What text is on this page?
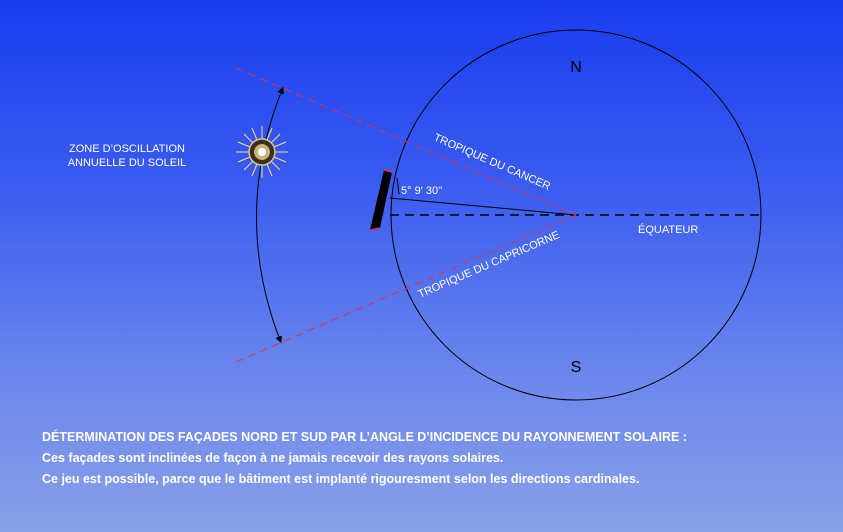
N
S
ÉQUATEUR
5° 9' 30''
TROPIQUE DU CANCER
TROPIQUE DU CAPRICORNE
ZONE D’OSCILLATION
ANNUELLE DU SOLEIL
DÉTERMINATION DES FAÇADES NORD ET SUD PAR L’ANGLE D’INCIDENCE DU RAYONNEMENT SOLAIRE :
Ces façades sont inclinées de façon à ne jamais recevoir des rayons solaires.
Ce jeu est possible, parce que le bâtiment est implanté rigouresment selon les directions cardinales.
